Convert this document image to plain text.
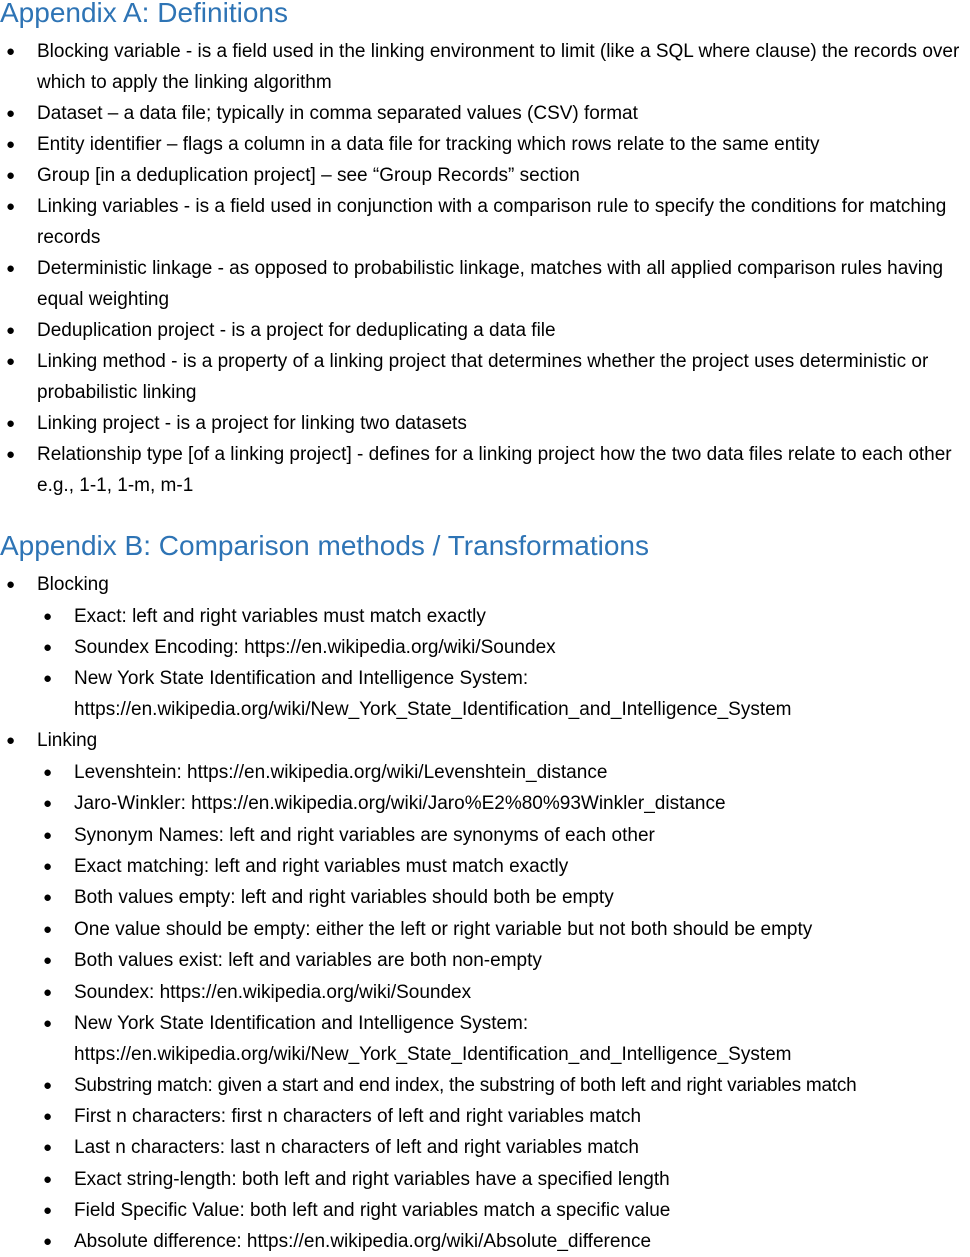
Appendix A: Definitions
● Blocking variable - is a field used in the linking environment to limit (like a SQL where clause) the records over which to apply the linking algorithm
● Dataset – a data file; typically in comma separated values (CSV) format
● Entity identifier – flags a column in a data file for tracking which rows relate to the same entity
● Group [in a deduplication project] – see “Group Records” section
● Linking variables - is a field used in conjunction with a comparison rule to specify the conditions for matching records
● Deterministic linkage - as opposed to probabilistic linkage, matches with all applied comparison rules having equal weighting
● Deduplication project - is a project for deduplicating a data file
● Linking method - is a property of a linking project that determines whether the project uses deterministic or probabilistic linking
● Linking project - is a project for linking two datasets
● Relationship type [of a linking project] - defines for a linking project how the two data files relate to each other e.g., 1-1, 1-m, m-1
Appendix B: Comparison methods / Transformations
● Blocking
● Exact: left and right variables must match exactly
● Soundex Encoding: https://en.wikipedia.org/wiki/Soundex
● New York State Identification and Intelligence System: https://en.wikipedia.org/wiki/New_York_State_Identification_and_Intelligence_System
● Linking
● Levenshtein: https://en.wikipedia.org/wiki/Levenshtein_distance
● Jaro-Winkler: https://en.wikipedia.org/wiki/Jaro%E2%80%93Winkler_distance
● Synonym Names: left and right variables are synonyms of each other
● Exact matching: left and right variables must match exactly
● Both values empty: left and right variables should both be empty
● One value should be empty: either the left or right variable but not both should be empty
● Both values exist: left and variables are both non-empty
● Soundex: https://en.wikipedia.org/wiki/Soundex
● New York State Identification and Intelligence System: https://en.wikipedia.org/wiki/New_York_State_Identification_and_Intelligence_System
● Substring match: given a start and end index, the substring of both left and right variables match
● First n characters: first n characters of left and right variables match
● Last n characters: last n characters of left and right variables match
● Exact string-length: both left and right variables have a specified length
● Field Specific Value: both left and right variables match a specific value
● Absolute difference: https://en.wikipedia.org/wiki/Absolute_difference
